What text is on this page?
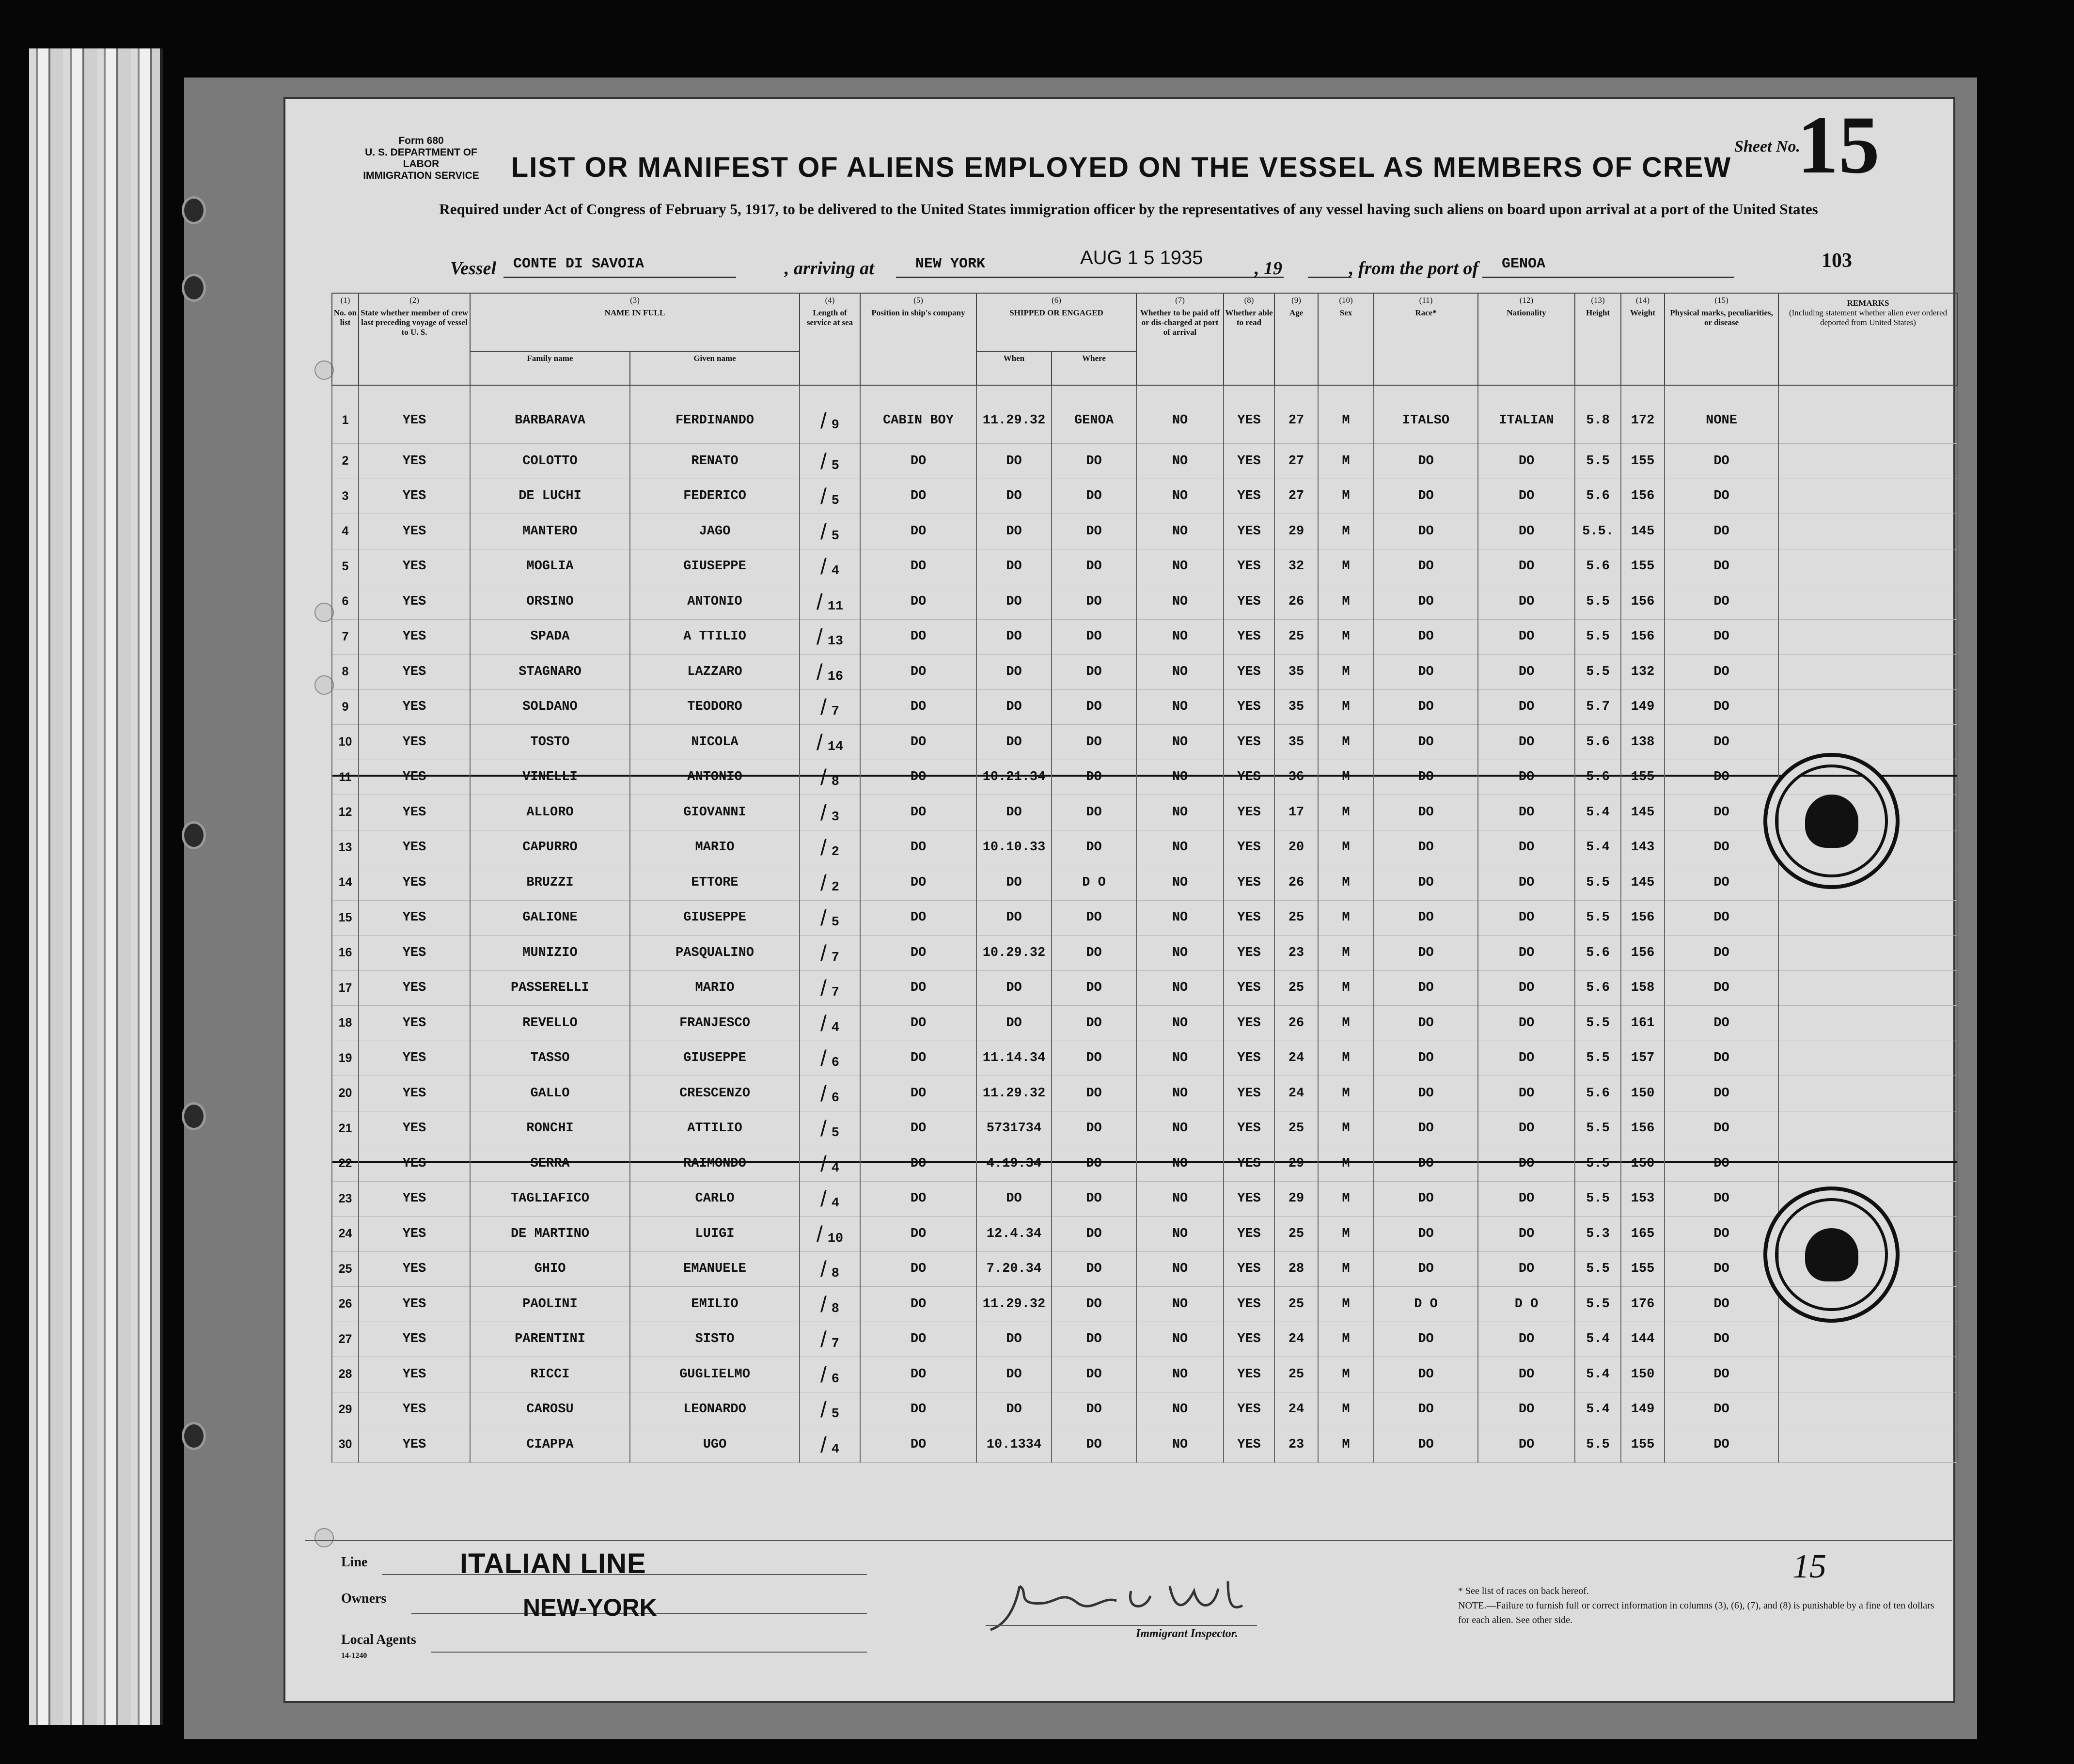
Form 680
U. S. DEPARTMENT OF LABOR
IMMIGRATION SERVICE
Sheet No.
15
LIST OR MANIFEST OF ALIENS EMPLOYED ON THE VESSEL AS MEMBERS OF CREW
Required under Act of Congress of February 5, 1917, to be delivered to the United States immigration officer by the representatives of any vessel having such aliens on board upon arrival at a port of the United States
Vessel CONTE DI SAVOIA	, arriving at	NEW YORK	AUG 1 5 1935	, 19	, from the port of GENOA	103
(1)
No. on list	(2)
State whether member of crew last preceding voyage of vessel to U. S.	(3)
NAME IN FULL		(4)
Length of service at sea	(5)
Position in ship's company	(6)
SHIPPED OR ENGAGED		(7)
Whether to be paid off or dis-charged at port of arrival	(8)
Whether able to read	(9)
Age	(10)
Sex	(11)
Race*	(12)
Nationality	(13)
Height	(14)
Weight	(15)
Physical marks, peculiarities, or disease	REMARKS
(Including statement whether alien ever ordered deported from United States)
		Family name	Given name			When	Where										
1	YES	BARBARAVA	FERDINANDO	/ 9	CABIN BOY	11.29.32	GENOA	NO	YES	27	M	ITALSO	ITALIAN	5.8	172	NONE	
2	YES	COLOTTO	RENATO	/ 5	DO	DO	DO	NO	YES	27	M	DO	DO	5.5	155	DO	
3	YES	DE LUCHI	FEDERICO	/ 5	DO	DO	DO	NO	YES	27	M	DO	DO	5.6	156	DO	
4	YES	MANTERO	JAGO	/ 5	DO	DO	DO	NO	YES	29	M	DO	DO	5.5.	145	DO	
5	YES	MOGLIA	GIUSEPPE	/ 4	DO	DO	DO	NO	YES	32	M	DO	DO	5.6	155	DO	
6	YES	ORSINO	ANTONIO	/ 11	DO	DO	DO	NO	YES	26	M	DO	DO	5.5	156	DO	
7	YES	SPADA	A TTILIO	/ 13	DO	DO	DO	NO	YES	25	M	DO	DO	5.5	156	DO	
8	YES	STAGNARO	LAZZARO	/ 16	DO	DO	DO	NO	YES	35	M	DO	DO	5.5	132	DO	
9	YES	SOLDANO	TEODORO	/ 7	DO	DO	DO	NO	YES	35	M	DO	DO	5.7	149	DO	
10	YES	TOSTO	NICOLA	/ 14	DO	DO	DO	NO	YES	35	M	DO	DO	5.6	138	DO	
11	YES	VINELLI	ANTONIO	/ 8	DO	10.21.34	DO	NO	YES	36	M	DO	DO	5.6	155	DO	
12	YES	ALLORO	GIOVANNI	/ 3	DO	DO	DO	NO	YES	17	M	DO	DO	5.4	145	DO	
13	YES	CAPURRO	MARIO	/ 2	DO	10.10.33	DO	NO	YES	20	M	DO	DO	5.4	143	DO	
14	YES	BRUZZI	ETTORE	/ 2	DO	DO	D O	NO	YES	26	M	DO	DO	5.5	145	DO	
15	YES	GALIONE	GIUSEPPE	/ 5	DO	DO	DO	NO	YES	25	M	DO	DO	5.5	156	DO	
16	YES	MUNIZIO	PASQUALINO	/ 7	DO	10.29.32	DO	NO	YES	23	M	DO	DO	5.6	156	DO	
17	YES	PASSERELLI	MARIO	/ 7	DO	DO	DO	NO	YES	25	M	DO	DO	5.6	158	DO	
18	YES	REVELLO	FRANJESCO	/ 4	DO	DO	DO	NO	YES	26	M	DO	DO	5.5	161	DO	
19	YES	TASSO	GIUSEPPE	/ 6	DO	11.14.34	DO	NO	YES	24	M	DO	DO	5.5	157	DO	
20	YES	GALLO	CRESCENZO	/ 6	DO	11.29.32	DO	NO	YES	24	M	DO	DO	5.6	150	DO	
21	YES	RONCHI	ATTILIO	/ 5	DO	5731734	DO	NO	YES	25	M	DO	DO	5.5	156	DO	
22	YES	SERRA	RAIMONDO	/ 4	DO	4.19.34	DO	NO	YES	29	M	DO	DO	5.5	150	DO	
23	YES	TAGLIAFICO	CARLO	/ 4	DO	DO	DO	NO	YES	29	M	DO	DO	5.5	153	DO	
24	YES	DE MARTINO	LUIGI	/ 10	DO	12.4.34	DO	NO	YES	25	M	DO	DO	5.3	165	DO	
25	YES	GHIO	EMANUELE	/ 8	DO	7.20.34	DO	NO	YES	28	M	DO	DO	5.5	155	DO	
26	YES	PAOLINI	EMILIO	/ 8	DO	11.29.32	DO	NO	YES	25	M	D O	D O	5.5	176	DO	
27	YES	PARENTINI	SISTO	/ 7	DO	DO	DO	NO	YES	24	M	DO	DO	5.4	144	DO	
28	YES	RICCI	GUGLIELMO	/ 6	DO	DO	DO	NO	YES	25	M	DO	DO	5.4	150	DO	
29	YES	CAROSU	LEONARDO	/ 5	DO	DO	DO	NO	YES	24	M	DO	DO	5.4	149	DO	
30	YES	CIAPPA	UGO	/ 4	DO	10.1334	DO	NO	YES	23	M	DO	DO	5.5	155	DO	
Line
Owners
Local Agents
14-1240
ITALIAN LINE
NEW-YORK	John A. Wall
Immigrant Inspector.
15
* See list of races on back hereof.
NOTE.—Failure to furnish full or correct information in columns (3), (6), (7), and (8) is punishable by a fine of ten dollars for each alien. See other side.
